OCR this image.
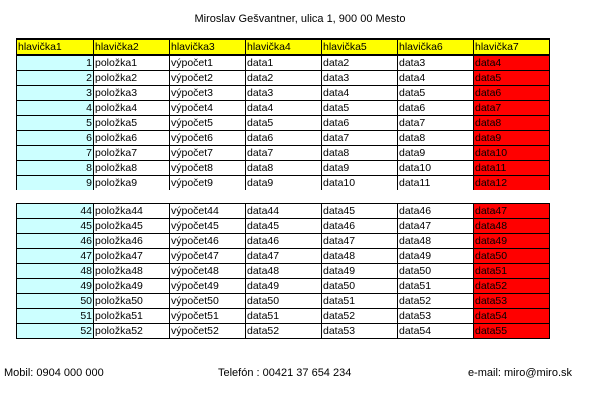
Miroslav Gešvantner, ulica 1, 900 00 Mesto
hlavička1	hlavička2	hlavička3	hlavička4	hlavička5	hlavička6	hlavička7
1	položka1	výpočet1	data1	data2	data3	data4
2	položka2	výpočet2	data2	data3	data4	data5
3	položka3	výpočet3	data3	data4	data5	data6
4	položka4	výpočet4	data4	data5	data6	data7
5	položka5	výpočet5	data5	data6	data7	data8
6	položka6	výpočet6	data6	data7	data8	data9
7	položka7	výpočet7	data7	data8	data9	data10
8	položka8	výpočet8	data8	data9	data10	data11
9	položka9	výpočet9	data9	data10	data11	data12
44	položka44	výpočet44	data44	data45	data46	data47
45	položka45	výpočet45	data45	data46	data47	data48
46	položka46	výpočet46	data46	data47	data48	data49
47	položka47	výpočet47	data47	data48	data49	data50
48	položka48	výpočet48	data48	data49	data50	data51
49	položka49	výpočet49	data49	data50	data51	data52
50	položka50	výpočet50	data50	data51	data52	data53
51	položka51	výpočet51	data51	data52	data53	data54
52	položka52	výpočet52	data52	data53	data54	data55
Mobil: 0904 000 000	Telefón : 00421 37 654 234	e-mail: miro@miro.sk
